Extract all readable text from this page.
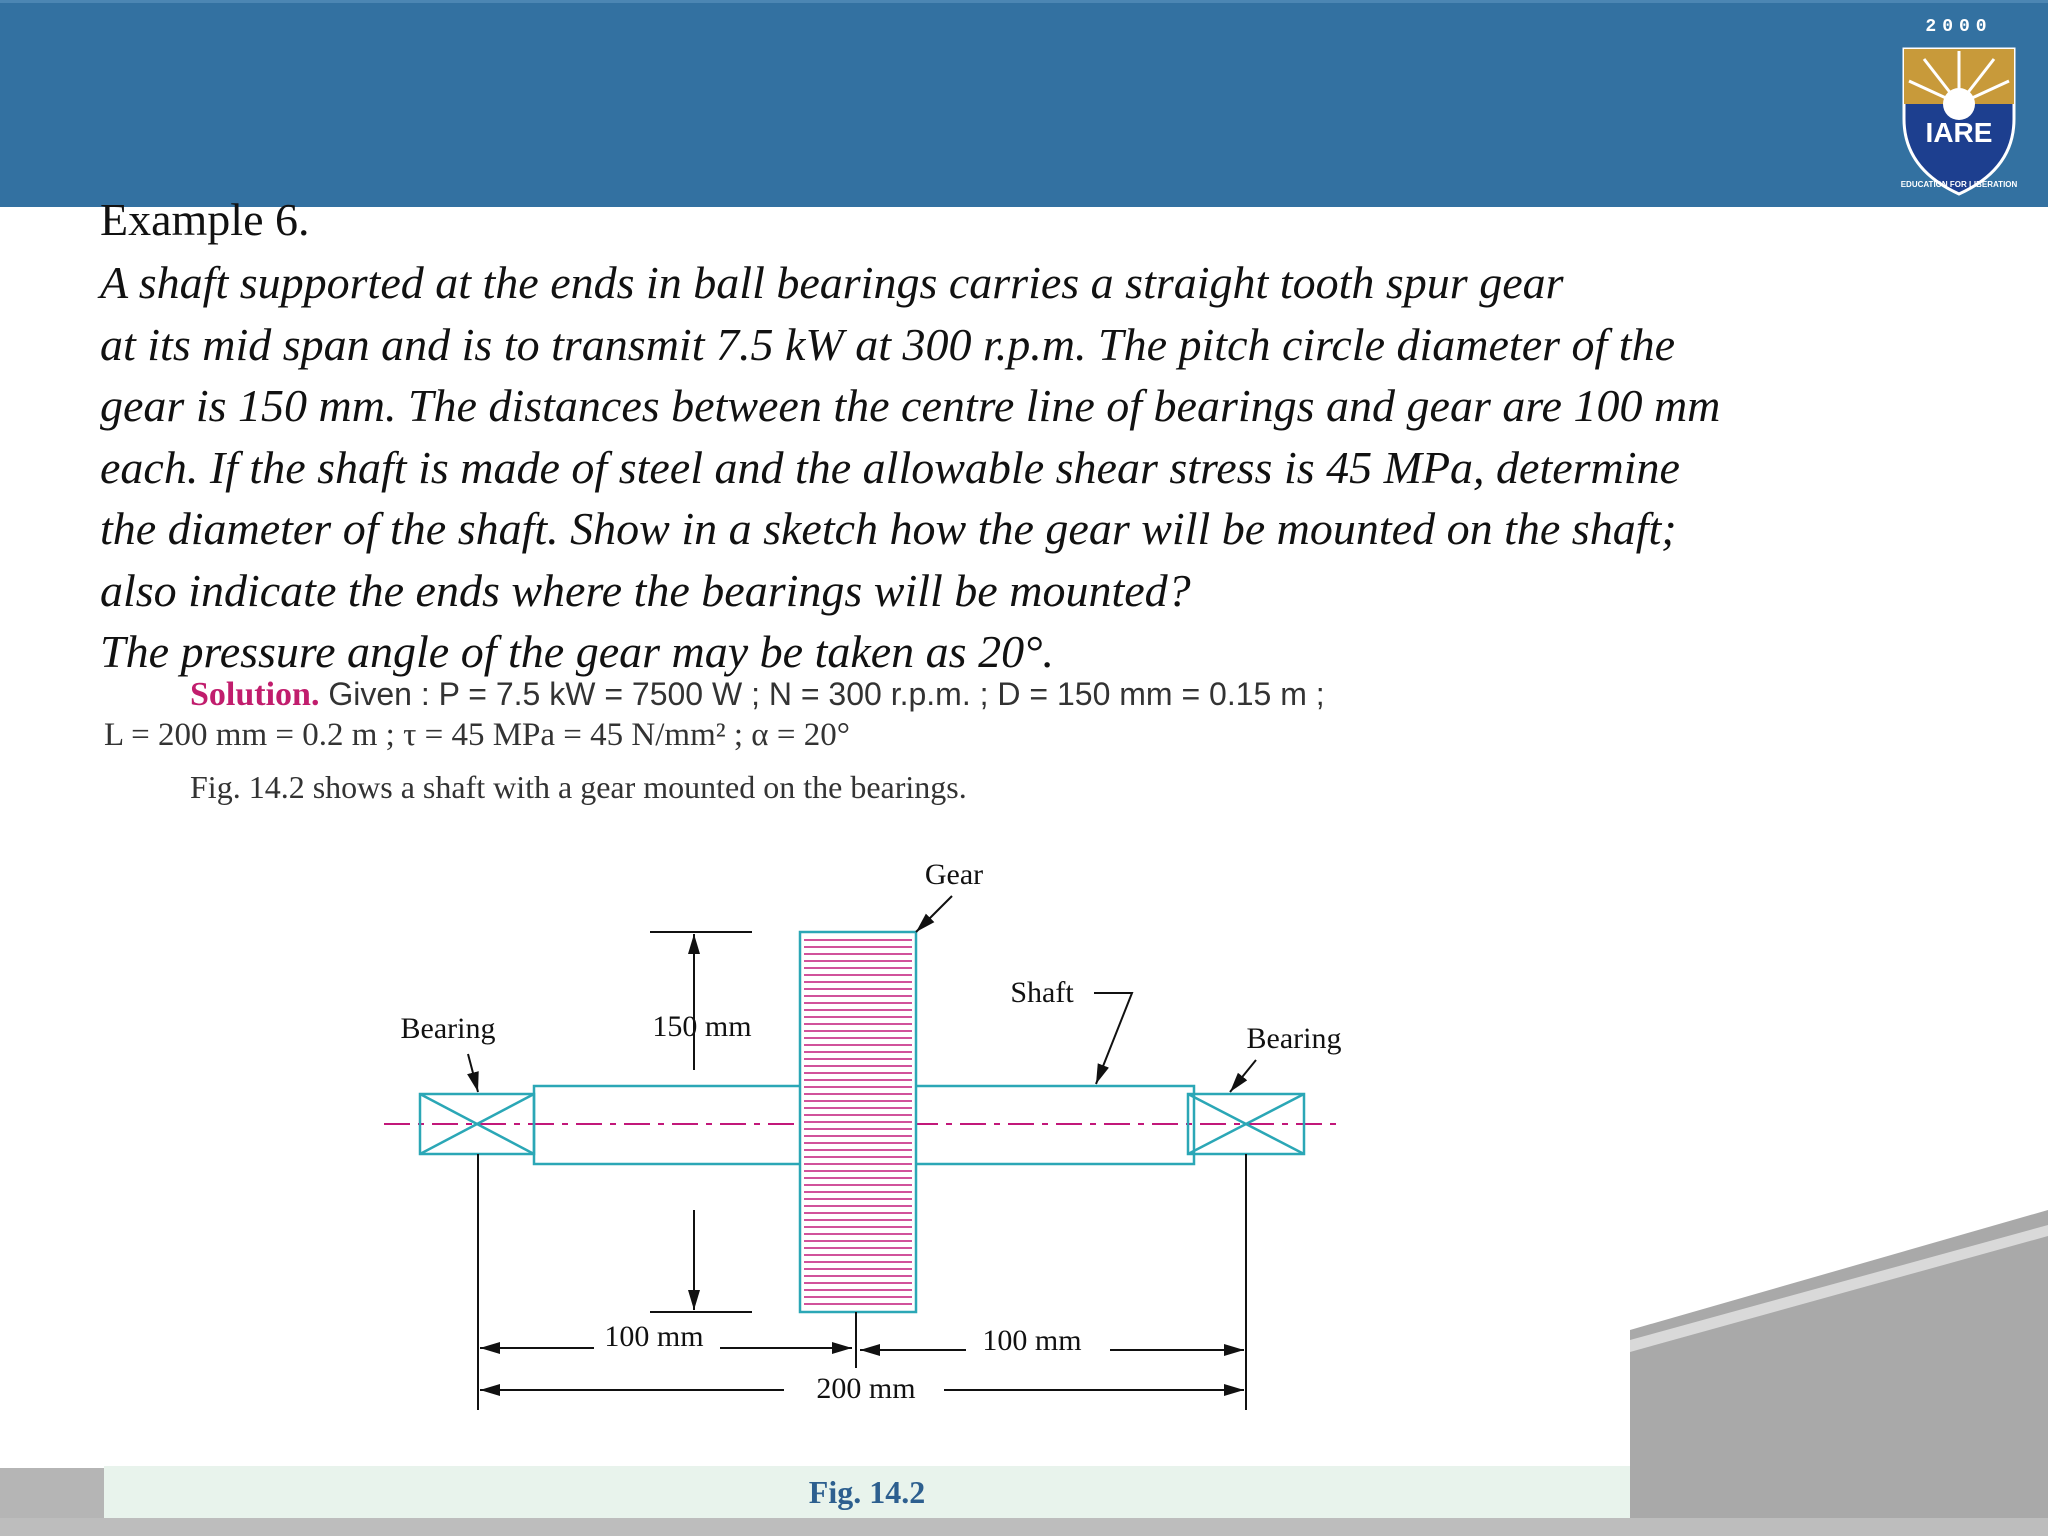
2000
IARE
EDUCATION FOR LIBERATION
Example 6.
A shaft supported at the ends in ball bearings carries a straight tooth spur gear
at its mid span and is to transmit 7.5 kW at 300 r.p.m. The pitch circle diameter of the
gear is 150 mm. The distances between the centre line of bearings and gear are 100 mm
each. If the shaft is made of steel and the allowable shear stress is 45 MPa, determine
the diameter of the shaft. Show in a sketch how the gear will be mounted on the shaft;
also indicate the ends where the bearings will be mounted?
The pressure angle of the gear may be taken as 20°.
Solution. Given : P = 7.5 kW = 7500 W ; N = 300 r.p.m. ; D = 150 mm = 0.15 m ;
L = 200 mm = 0.2 m ; τ = 45 MPa = 45 N/mm² ; α = 20°
Fig. 14.2 shows a shaft with a gear mounted on the bearings.
150 mm
Gear
Shaft
Bearing	Bearing
100 mm	100 mm
200 mm
Fig. 14.2
